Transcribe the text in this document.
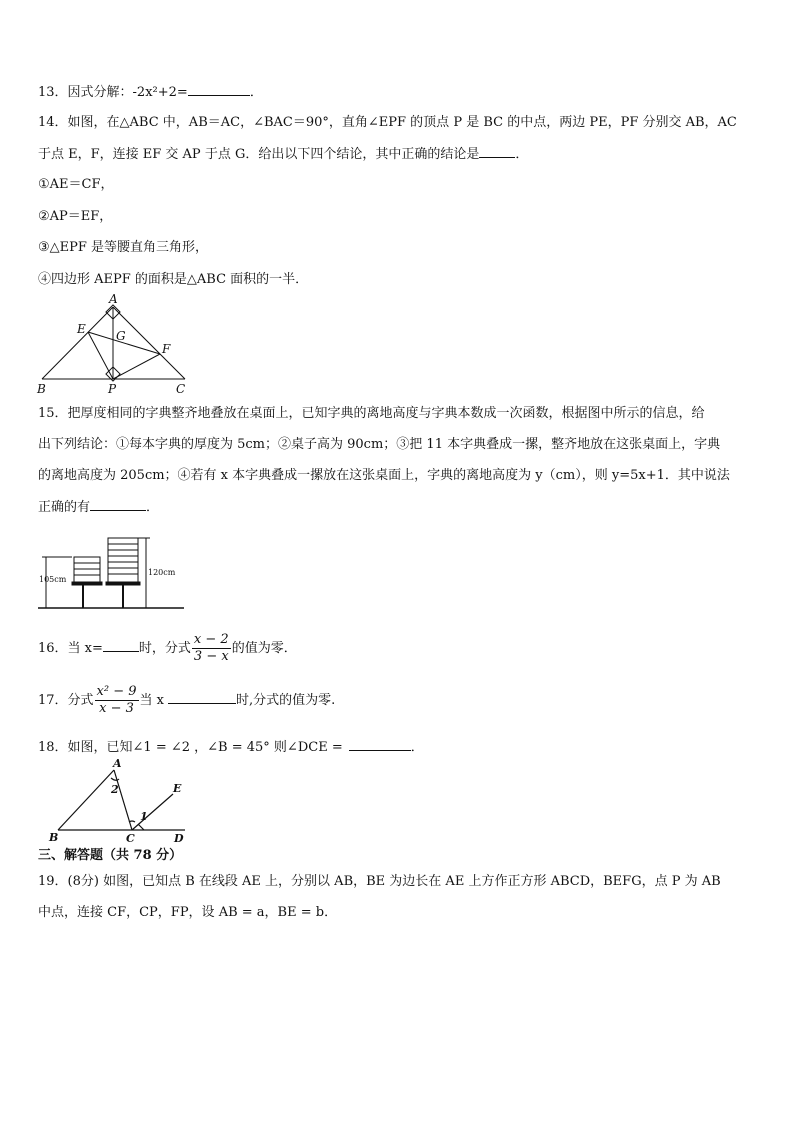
13．因式分解：-2x²+2=	．
14．如图，在△ABC 中，AB＝AC，∠BAC＝90°，直角∠EPF 的顶点 P 是 BC 的中点，两边 PE，PF 分别交 AB，AC
于点 E，F，连接 EF 交 AP 于点 G．给出以下四个结论，其中正确的结论是	．
①AE＝CF，
②AP＝EF，
③△EPF 是等腰直角三角形，
④四边形 AEPF 的面积是△ABC 面积的一半．
A
E	G
F
B	P	C
15．把厚度相同的字典整齐地叠放在桌面上，已知字典的离地高度与字典本数成一次函数，根据图中所示的信息，给
出下列结论：①每本字典的厚度为 5cm；②桌子高为 90cm；③把 11 本字典叠成一摞，整齐地放在这张桌面上，字典
的离地高度为 205cm；④若有 x 本字典叠成一摞放在这张桌面上，字典的离地高度为 y（cm），则 y=5x+1．其中说法
正确的有	．
105cm
120cm
16．当 x=	时，分式 $\frac{x - 2}{3 - x}$ 的值为零．
17．分式 $\frac{\text{x² − 9}}{x - 3}$ 当 x	时,分式的值为零.
18．如图，已知∠1 = ∠2 ，∠B = 45° 则∠DCE =	．
A
E
2
1
B	C	D
三、解答题（共 78 分）
19．(8分) 如图，已知点 B 在线段 AE 上，分别以 AB，BE 为边长在 AE 上方作正方形 ABCD，BEFG，点 P 为 AB
中点，连接 CF，CP，FP，设 AB = a，BE = b．
